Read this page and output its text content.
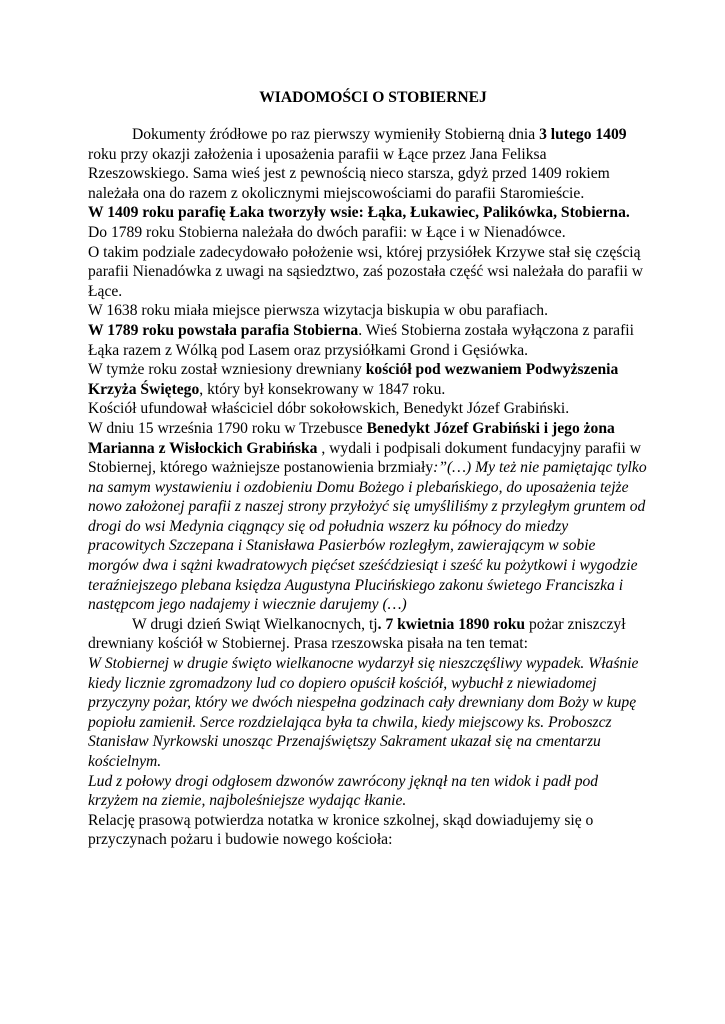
WIADOMOŚCI O STOBIERNEJ

Dokumenty źródłowe po raz pierwszy wymieniły Stobierną dnia 3 lutego 1409 roku przy okazji założenia i uposażenia parafii w Łące przez Jana Feliksa Rzeszowskiego. Sama wieś jest z pewnością nieco starsza, gdyż przed 1409 rokiem należała ona do razem z okolicznymi miejscowościami do parafii Staromieście.

W 1409 roku parafię Łaka tworzyły wsie: Łąka, Łukawiec, Palikówka, Stobierna.

Do 1789 roku Stobierna należała do dwóch parafii: w Łące i w Nienadówce.

O takim podziale zadecydowało położenie wsi, której przysiółek Krzywe stał się częścią parafii Nienadówka z uwagi na sąsiedztwo, zaś pozostała część wsi należała do parafii w Łące.

W 1638 roku miała miejsce pierwsza wizytacja biskupia w obu parafiach.

W 1789 roku powstała parafia Stobierna. Wieś Stobierna została wyłączona z parafii Łąka razem z Wólką pod Lasem oraz przysiółkami Grond i Gęsiówka.

W tymże roku został wzniesiony drewniany kościół pod wezwaniem Podwyższenia Krzyża Świętego, który był konsekrowany w 1847 roku.

Kościół ufundował właściciel dóbr sokołowskich, Benedykt Józef Grabiński.

W dniu 15 września 1790 roku w Trzebusce Benedykt Józef Grabiński i jego żona Marianna z Wisłockich Grabińska , wydali i podpisali dokument fundacyjny parafii w Stobiernej, którego ważniejsze postanowienia brzmiały:”(…) My też nie pamiętając tylko na samym wystawieniu i ozdobieniu Domu Bożego i plebańskiego, do uposażenia tejże nowo założonej parafii z naszej strony przyłożyć się umyśliliśmy z przyległym gruntem od drogi do wsi Medynia ciągnący się od południa wszerz ku północy do miedzy pracowitych Szczepana i Stanisława Pasierbów rozległym, zawierającym w sobie morgów dwa i sążni kwadratowych pięćset sześćdziesiąt i sześć ku pożytkowi i wygodzie teraźniejszego plebana księdza Augustyna Plucińskiego zakonu świetego Franciszka i następcom jego nadajemy i wiecznie darujemy (…)

W drugi dzień Swiąt Wielkanocnych, tj. 7 kwietnia 1890 roku pożar zniszczył drewniany kościół w Stobiernej. Prasa rzeszowska pisała na ten temat:

W Stobiernej w drugie święto wielkanocne wydarzył się nieszczęśliwy wypadek. Właśnie kiedy licznie zgromadzony lud co dopiero opuścił kościół, wybuchł z niewiadomej przyczyny pożar, który we dwóch niespełna godzinach cały drewniany dom Boży w kupę popiołu zamienił. Serce rozdzielająca była ta chwila, kiedy miejscowy ks. Proboszcz Stanisław Nyrkowski unosząc Przenajświętszy Sakrament ukazał się na cmentarzu kościelnym.

Lud z połowy drogi odgłosem dzwonów zawrócony jęknął na ten widok i padł pod krzyżem na ziemie, najboleśniejsze wydając łkanie.

Relację prasową potwierdza notatka w kronice szkolnej, skąd dowiadujemy się o przyczynach pożaru i budowie nowego kościoła:
